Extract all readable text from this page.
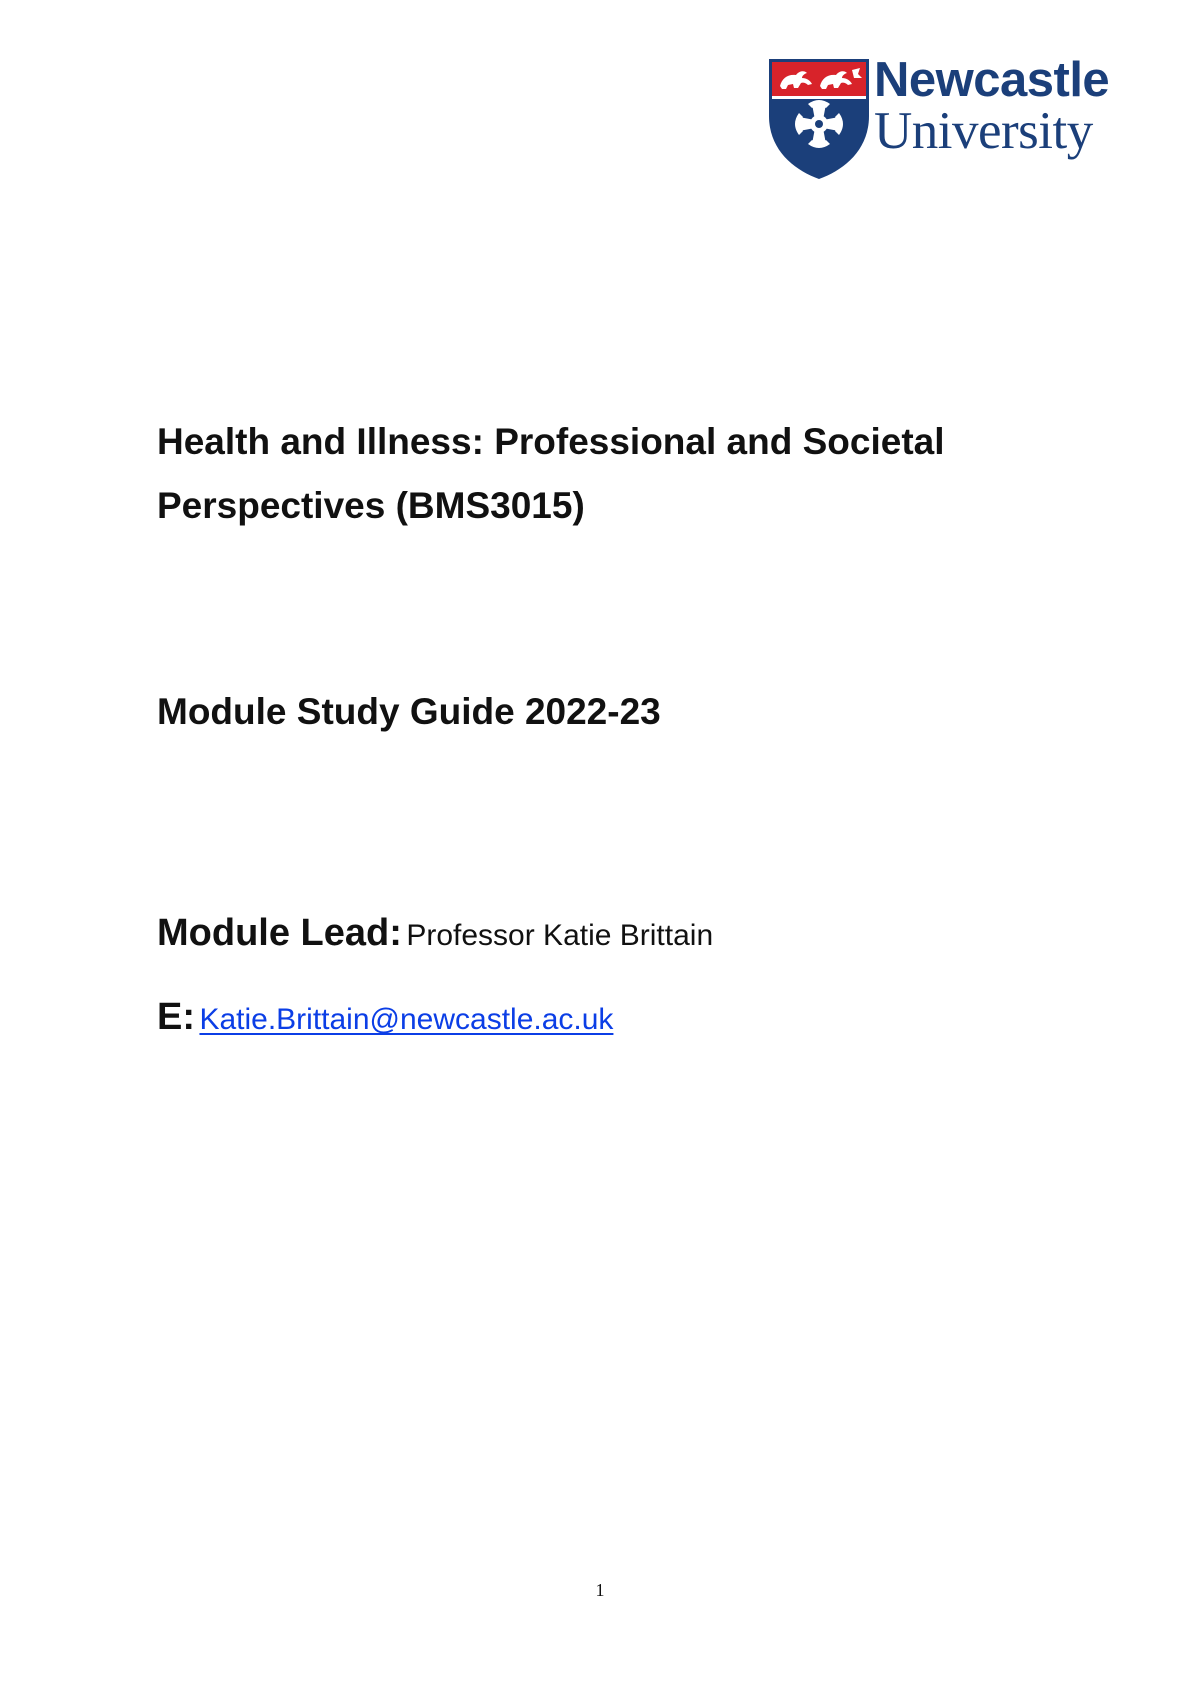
Newcastle
University
Health and Illness: Professional and Societal Perspectives (BMS3015)
Module Study Guide 2022-23

Module Lead: Professor Katie Brittain

E: Katie.Brittain@newcastle.ac.uk

1
